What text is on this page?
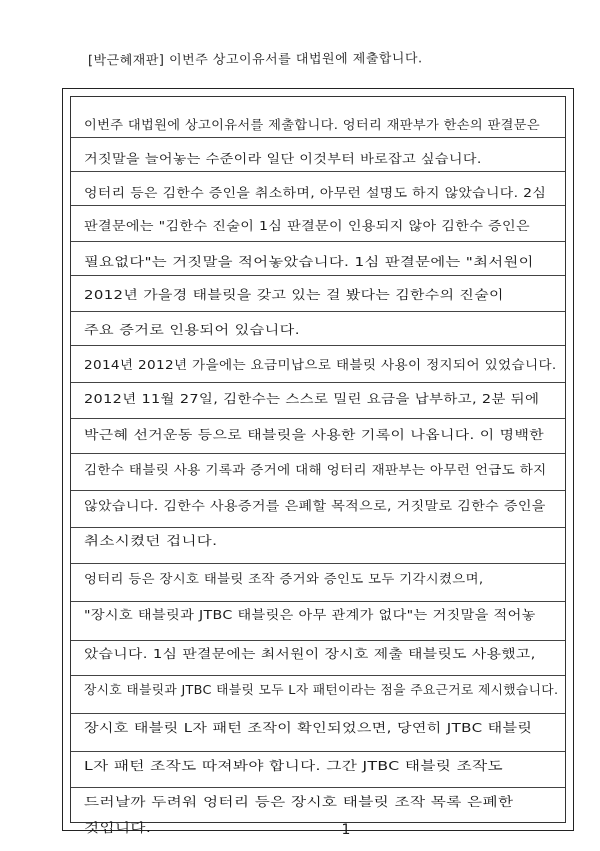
[박근혜재판] 이번주 상고이유서를 대법원에 제출합니다.
이번주 대법원에 상고이유서를 제출합니다. 엉터리 재판부가 한손의 판결문은
거짓말을 늘어놓는 수준이라 일단 이것부터 바로잡고 싶습니다.
엉터리 등은 김한수 증인을 취소하며, 아무런 설명도 하지 않았습니다. 2심
판결문에는 "김한수 진술이 1심 판결문이 인용되지 않아 김한수 증인은
필요없다"는 거짓말을 적어놓았습니다. 1심 판결문에는 "최서원이
2012년 가을경 태블릿을 갖고 있는 걸 봤다는 김한수의 진술이
주요 증거로 인용되어 있습니다.
2014년 2012년 가을에는 요금미납으로 태블릿 사용이 정지되어 있었습니다.
2012년 11월 27일, 김한수는 스스로 밀린 요금을 납부하고, 2분 뒤에
박근혜 선거운동 등으로 태블릿을 사용한 기록이 나옵니다. 이 명백한
김한수 태블릿 사용 기록과 증거에 대해 엉터리 재판부는 아무런 언급도 하지
않았습니다. 김한수 사용증거를 은폐할 목적으로, 거짓말로 김한수 증인을
취소시켰던 겁니다.
엉터리 등은 장시호 태블릿 조작 증거와 증인도 모두 기각시켰으며,
"장시호 태블릿과 JTBC 태블릿은 아무 관계가 없다"는 거짓말을 적어놓
았습니다. 1심 판결문에는 최서원이 장시호 제출 태블릿도 사용했고,
장시호 태블릿과 JTBC 태블릿 모두 L자 패턴이라는 점을 주요근거로 제시했습니다.
장시호 태블릿 L자 패턴 조작이 확인되었으면, 당연히 JTBC 태블릿
L자 패턴 조작도 따져봐야 합니다. 그간 JTBC 태블릿 조작도
드러날까 두려워 엉터리 등은 장시호 태블릿 조작 목록 은폐한
것입니다.	1
